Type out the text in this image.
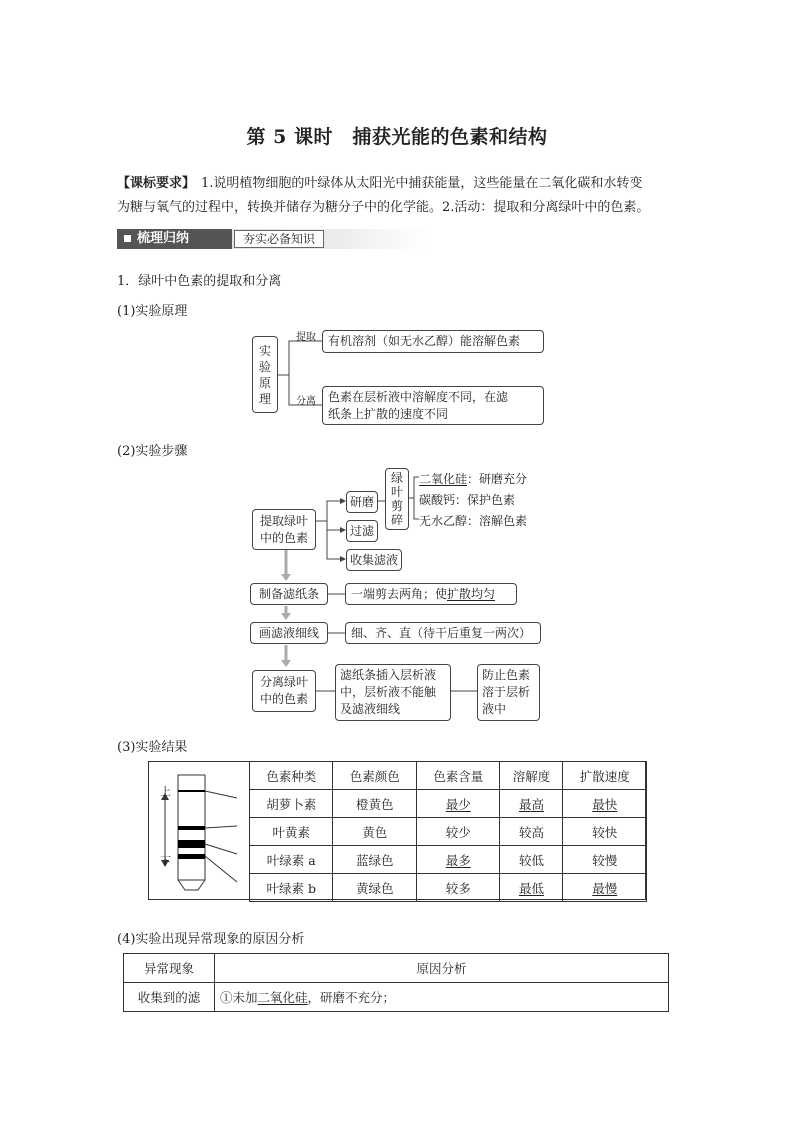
第 5 课时　捕获光能的色素和结构
【课标要求】 1.说明植物细胞的叶绿体从太阳光中捕获能量，这些能量在二氧化碳和水转变
为糖与氧气的过程中，转换并储存为糖分子中的化学能。2.活动：提取和分离绿叶中的色素。
梳理归纳	夯实必备知识
1．绿叶中色素的提取和分离
(1)实验原理
实验原理
提取	有机溶剂（如无水乙醇）能溶解色素
分离 色素在层析液中溶解度不同，在滤
纸条上扩散的速度不同
(2)实验步骤
提取绿叶中的色素
研磨
过滤
收集滤液
绿叶剪碎
二氧化硅：研磨充分
碳酸钙：保护色素
无水乙醇：溶解色素
制备滤纸条	一端剪去两角；使扩散均匀
画滤液细线	细、齐、直（待干后重复一两次）
分离绿叶中的色素
滤纸条插入层析液
中，层析液不能触
及滤液细线
防止色素
溶于层析
液中
(3)实验结果
上
下
色素种类	色素颜色	色素含量	溶解度	扩散速度
胡萝卜素	橙黄色	最少	最高	最快
叶黄素	黄色	较少	较高	较快
叶绿素 a	蓝绿色	最多	较低	较慢
叶绿素 b	黄绿色	较多	最低	最慢
(4)实验出现异常现象的原因分析
异常现象	原因分析
收集到的滤	①未加二氧化硅，研磨不充分；
